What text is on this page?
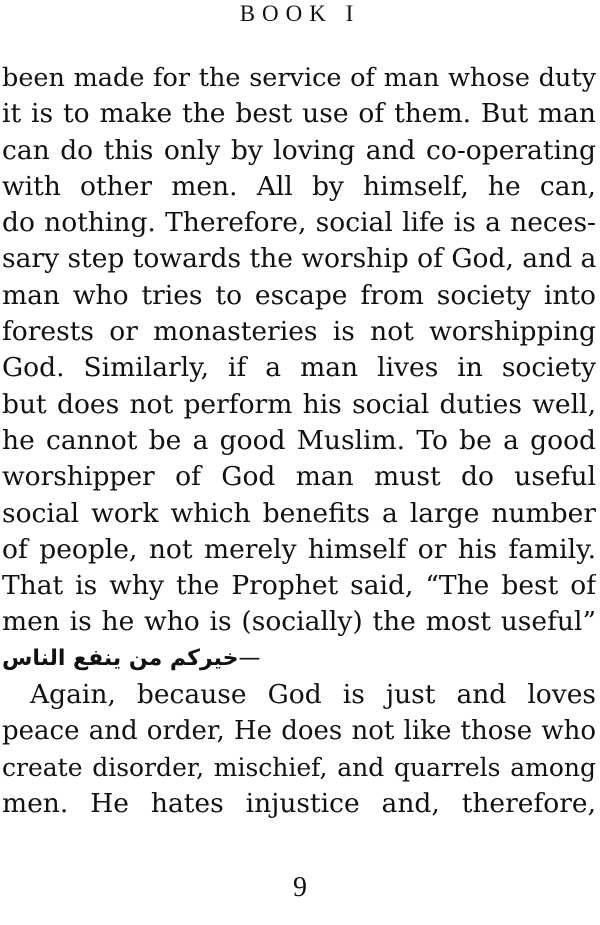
BOOK I
been made for the service of man whose duty
it is to make the best use of them. But man
can do this only by loving and co-operating
with other men. All by himself, he can,
do nothing. Therefore, social life is a neces-
sary step towards the worship of God, and a
man who tries to escape from society into
forests or monasteries is not worshipping
God. Similarly, if a man lives in society
but does not perform his social duties well,
he cannot be a good Muslim. To be a good
worshipper of God man must do useful
social work which benefits a large number
of people, not merely himself or his family.
That is why the Prophet said, “The best of
men is he who is (socially) the most useful”
خيركم من ينفع الناس—
Again, because God is just and loves
peace and order, He does not like those who
create disorder, mischief, and quarrels among
men. He hates injustice and, therefore,
9
